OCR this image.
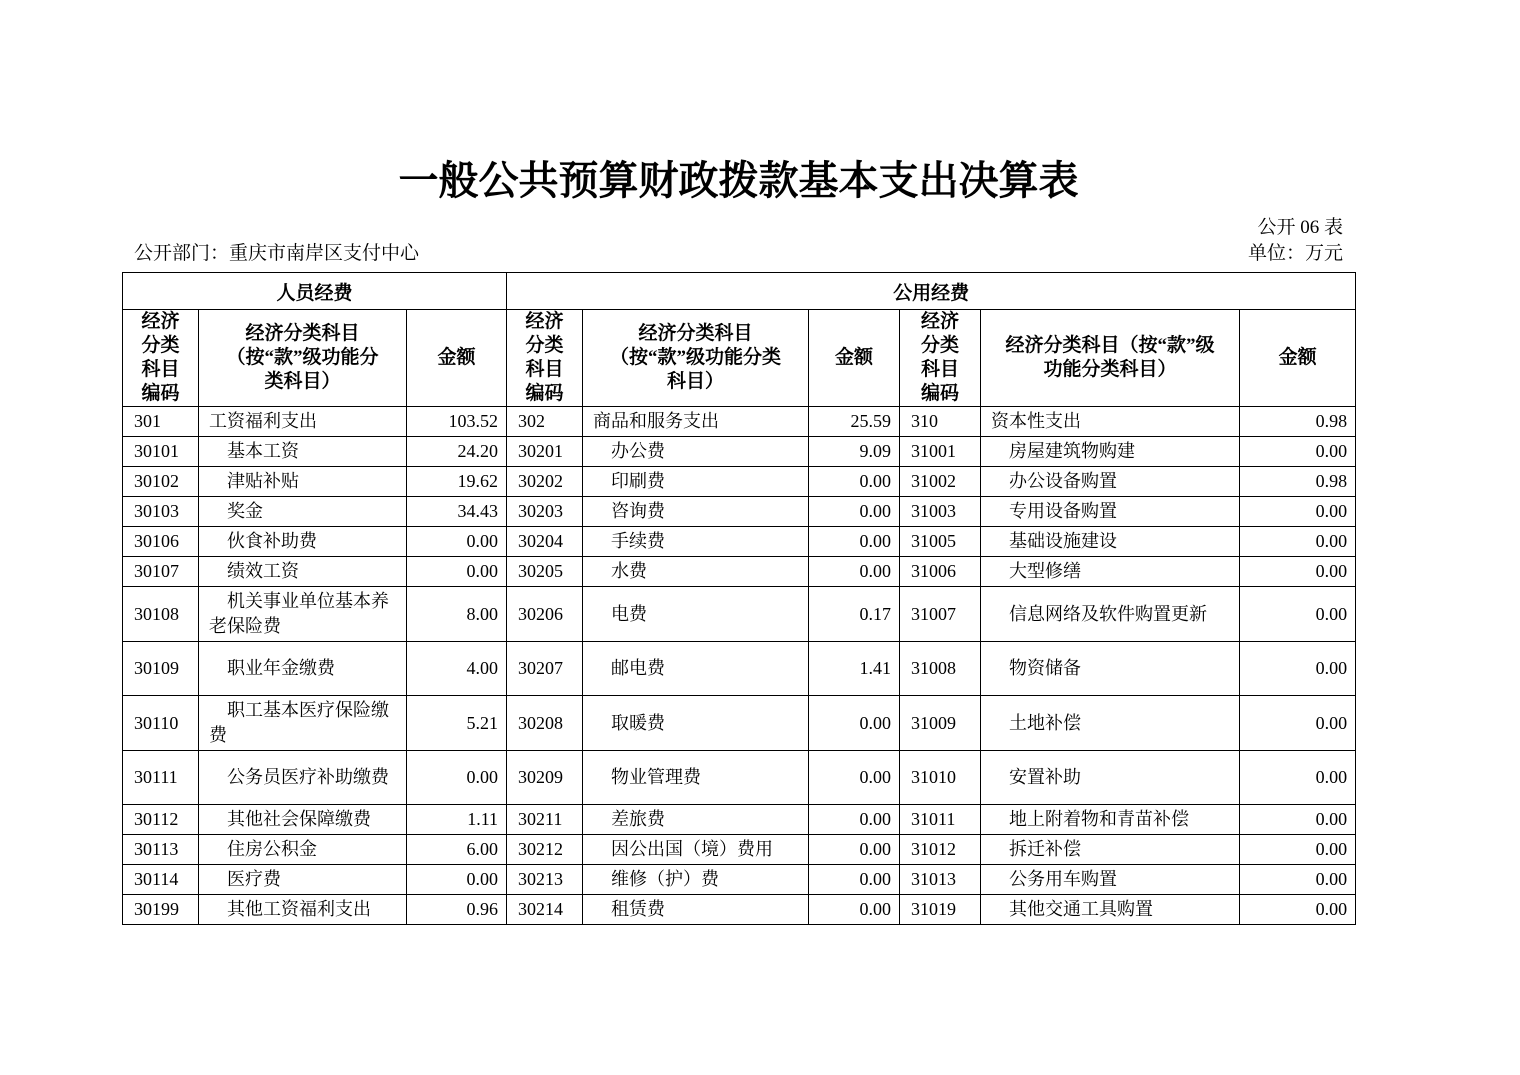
一般公共预算财政拨款基本支出决算表
公开 06 表
公开部门：重庆市南岸区支付中心	单位：万元
人员经费			公用经费					
经济分类科目编码	经济分类科目（按“款”级功能分类科目）	金额	经济分类科目编码	经济分类科目（按“款”级功能分类科目）	金额	经济分类科目编码	经济分类科目（按“款”级功能分类科目）	金额
301	工资福利支出	103.52	302	商品和服务支出	25.59	310	资本性支出	0.98
30101	　基本工资	24.20	30201	　办公费	9.09	31001	　房屋建筑物购建	0.00
30102	　津贴补贴	19.62	30202	　印刷费	0.00	31002	　办公设备购置	0.98
30103	　奖金	34.43	30203	　咨询费	0.00	31003	　专用设备购置	0.00
30106	　伙食补助费	0.00	30204	　手续费	0.00	31005	　基础设施建设	0.00
30107	　绩效工资	0.00	30205	　水费	0.00	31006	　大型修缮	0.00
30108	　机关事业单位基本养老保险费	8.00	30206	　电费	0.17	31007	　信息网络及软件购置更新	0.00
30109	　职业年金缴费	4.00	30207	　邮电费	1.41	31008	　物资储备	0.00
30110	　职工基本医疗保险缴费	5.21	30208	　取暖费	0.00	31009	　土地补偿	0.00
30111	　公务员医疗补助缴费	0.00	30209	　物业管理费	0.00	31010	　安置补助	0.00
30112	　其他社会保障缴费	1.11	30211	　差旅费	0.00	31011	　地上附着物和青苗补偿	0.00
30113	　住房公积金	6.00	30212	　因公出国（境）费用	0.00	31012	　拆迁补偿	0.00
30114	　医疗费	0.00	30213	　维修（护）费	0.00	31013	　公务用车购置	0.00
30199	　其他工资福利支出	0.96	30214	　租赁费	0.00	31019	　其他交通工具购置	0.00
